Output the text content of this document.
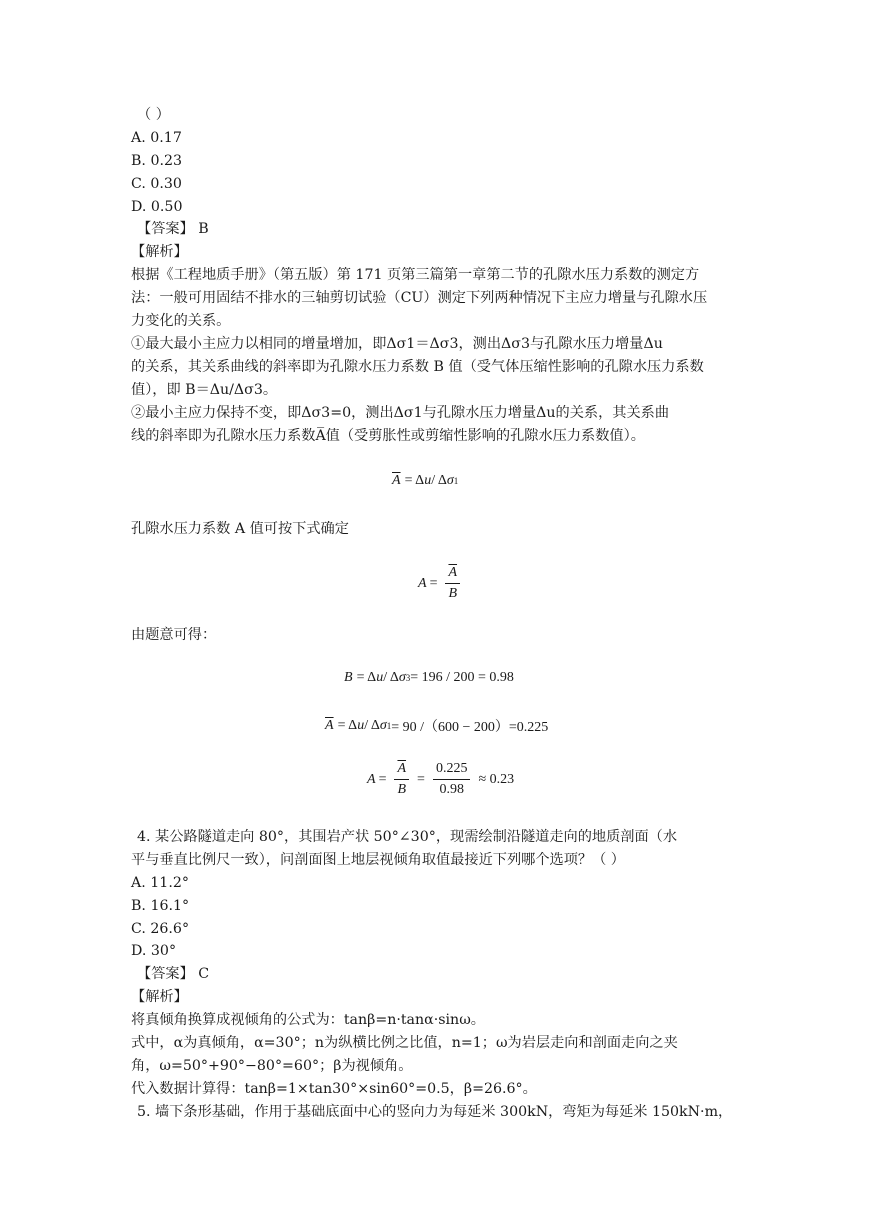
（ ）
A. 0.17
B. 0.23
C. 0.30
D. 0.50
【答案】 B
【解析】
根据《工程地质手册》（第五版）第 171 页第三篇第一章第二节的孔隙水压力系数的测定方
法：一般可用固结不排水的三轴剪切试验（CU）测定下列两种情况下主应力增量与孔隙水压
力变化的关系。
①最大最小主应力以相同的增量增加，即Δσ1＝Δσ3，测出Δσ3与孔隙水压力增量Δu
的关系，其关系曲线的斜率即为孔隙水压力系数 B 值（受气体压缩性影响的孔隙水压力系数
值），即 B＝Δu/Δσ3。
②最小主应力保持不变，即Δσ3=0，测出Δσ1与孔隙水压力增量Δu的关系，其关系曲
线的斜率即为孔隙水压力系数A̅值（受剪胀性或剪缩性影响的孔隙水压力系数值）。
$\overline{A} = \Delta$ u / Δ σ 1
孔隙水压力系数 A 值可按下式确定
$A = \frac{\overline{A}}{B}$
由题意可得：
B = Δ u / Δ σ 3 = 196 / 200 = 0.98
$\overline{A} = \Delta$ u / Δ σ 1 = 90 /（600 − 200）=0.225
$A = \frac{\overline{A}}{B} = \frac{0.225}{0.98} \approx 0.23$
4. 某公路隧道走向 80°，其围岩产状 50°∠30°，现需绘制沿隧道走向的地质剖面（水
平与垂直比例尺一致），问剖面图上地层视倾角取值最接近下列哪个选项？（ ）
A. 11.2°
B. 16.1°
C. 26.6°
D. 30°
【答案】 C
【解析】
将真倾角换算成视倾角的公式为：tanβ=n·tanα·sinω。
式中，α为真倾角，α=30°；n为纵横比例之比值，n=1；ω为岩层走向和剖面走向之夹
角，ω=50°+90°−80°=60°；β为视倾角。
代入数据计算得：tanβ=1×tan30°×sin60°=0.5，β=26.6°。
5. 墙下条形基础，作用于基础底面中心的竖向力为每延米 300kN，弯矩为每延米 150kN·m，
